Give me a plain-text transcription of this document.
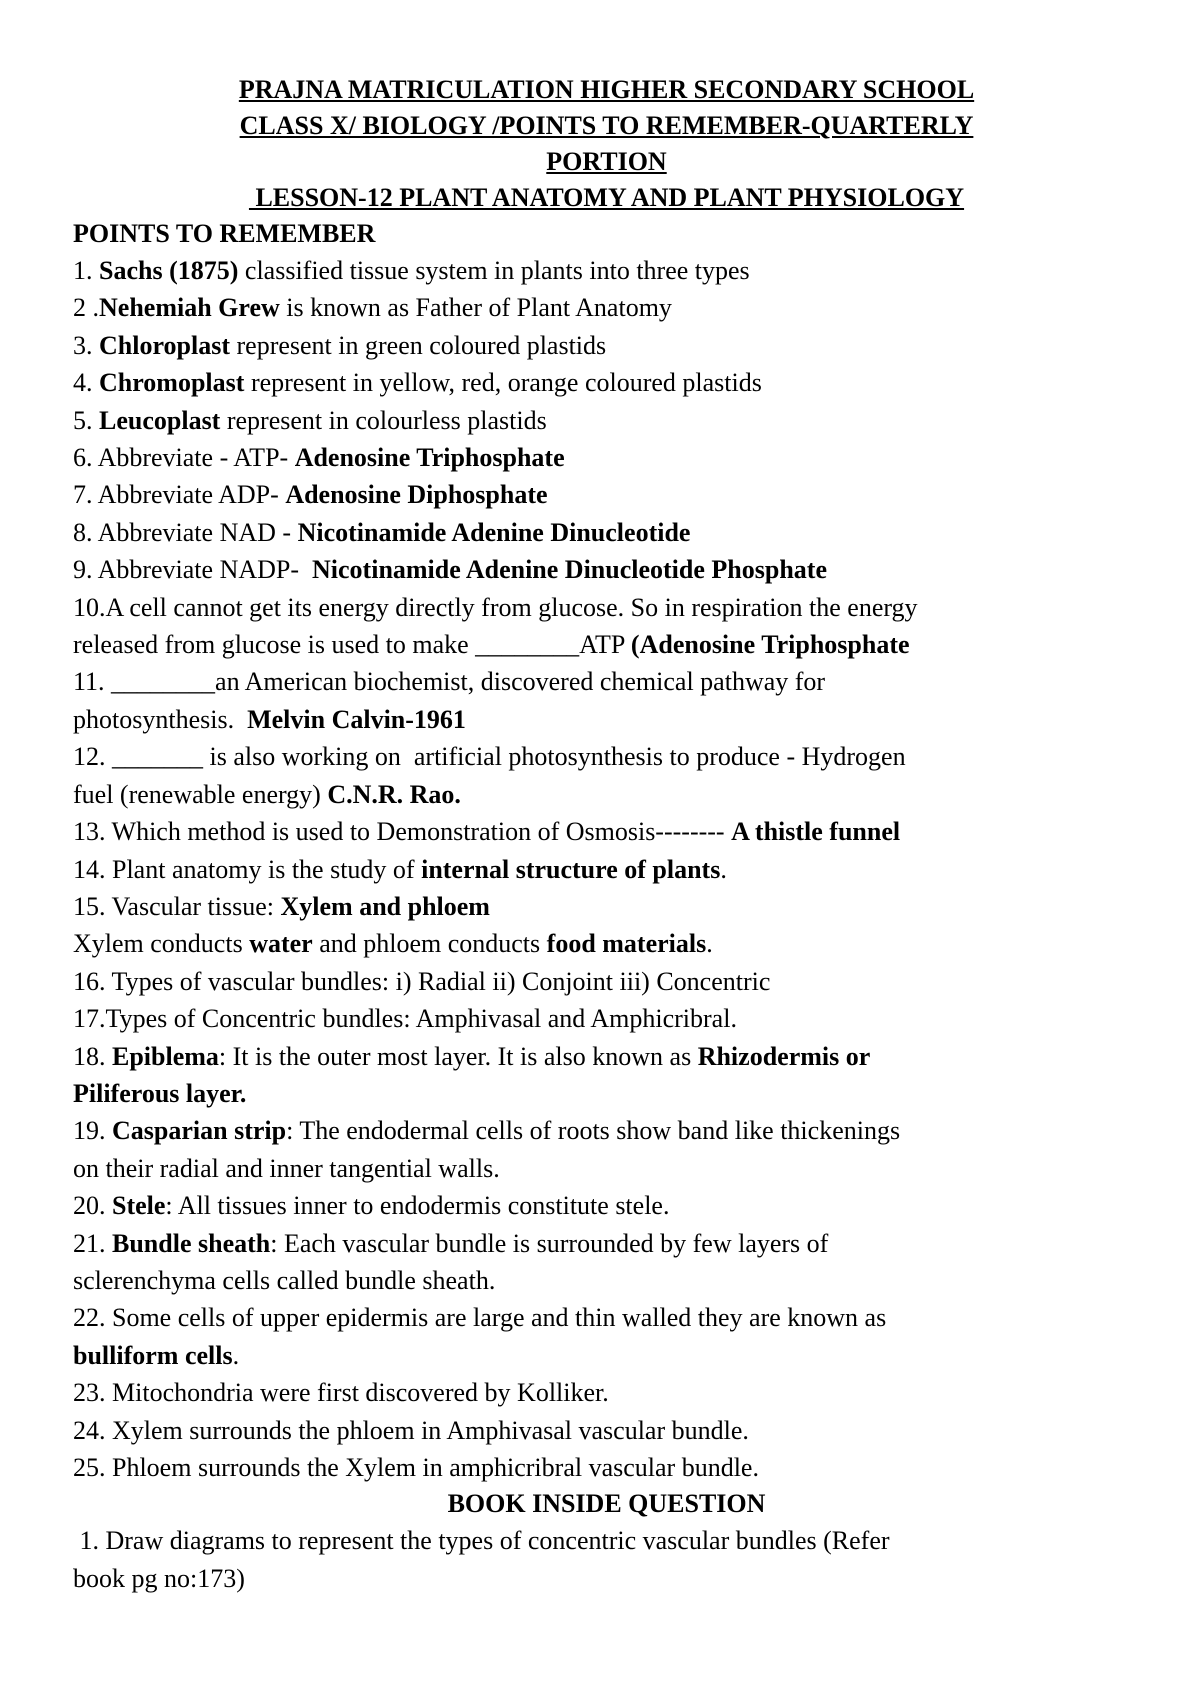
PRAJNA MATRICULATION HIGHER SECONDARY SCHOOL
CLASS X/ BIOLOGY /POINTS TO REMEMBER-QUARTERLY
PORTION
LESSON-12 PLANT ANATOMY AND PLANT PHYSIOLOGY
POINTS TO REMEMBER
1. Sachs (1875) classified tissue system in plants into three types
2 .Nehemiah Grew is known as Father of Plant Anatomy
3. Chloroplast represent in green coloured plastids
4. Chromoplast represent in yellow, red, orange coloured plastids
5. Leucoplast represent in colourless plastids
6. Abbreviate - ATP- Adenosine Triphosphate
7. Abbreviate ADP- Adenosine Diphosphate
8. Abbreviate NAD - Nicotinamide Adenine Dinucleotide
9. Abbreviate NADP-  Nicotinamide Adenine Dinucleotide Phosphate
10.A cell cannot get its energy directly from glucose. So in respiration the energy
released from glucose is used to make ________ATP (Adenosine Triphosphate
11. ________an American biochemist, discovered chemical pathway for
photosynthesis.  Melvin Calvin-1961
12. _______ is also working on  artificial photosynthesis to produce - Hydrogen
fuel (renewable energy) C.N.R. Rao.
13. Which method is used to Demonstration of Osmosis-------- A thistle funnel
14. Plant anatomy is the study of internal structure of plants.
15. Vascular tissue: Xylem and phloem
Xylem conducts water and phloem conducts food materials.
16. Types of vascular bundles: i) Radial ii) Conjoint iii) Concentric
17.Types of Concentric bundles: Amphivasal and Amphicribral.
18. Epiblema: It is the outer most layer. It is also known as Rhizodermis or
Piliferous layer.
19. Casparian strip: The endodermal cells of roots show band like thickenings
on their radial and inner tangential walls.
20. Stele: All tissues inner to endodermis constitute stele.
21. Bundle sheath: Each vascular bundle is surrounded by few layers of
sclerenchyma cells called bundle sheath.
22. Some cells of upper epidermis are large and thin walled they are known as
bulliform cells.
23. Mitochondria were first discovered by Kolliker.
24. Xylem surrounds the phloem in Amphivasal vascular bundle.
25. Phloem surrounds the Xylem in amphicribral vascular bundle.
BOOK INSIDE QUESTION
1. Draw diagrams to represent the types of concentric vascular bundles (Refer
book pg no:173)
